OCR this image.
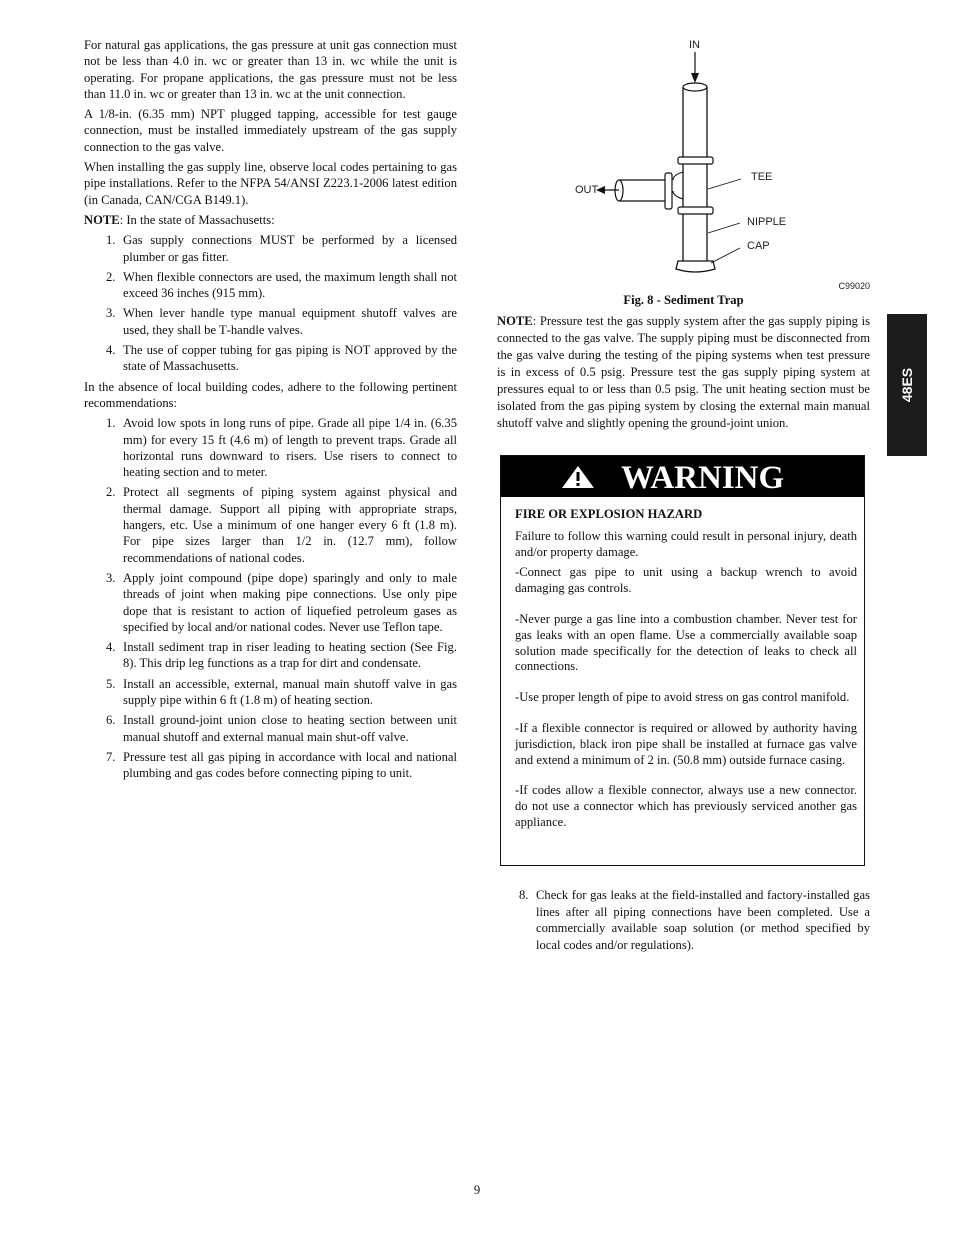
For natural gas applications, the gas pressure at unit gas connection must not be less than 4.0 in. wc or greater than 13 in. wc while the unit is operating. For propane applications, the gas pressure must not be less than 11.0 in. wc or greater than 13 in. wc at the unit connection.

A 1/8‑in. (6.35 mm) NPT plugged tapping, accessible for test gauge connection, must be installed immediately upstream of the gas supply connection to the gas valve.

When installing the gas supply line, observe local codes pertaining to gas pipe installations. Refer to the NFPA 54/ANSI Z223.1‑2006 latest edition (in Canada, CAN/CGA B149.1).

NOTE: In the state of Massachusetts:

1. Gas supply connections MUST be performed by a licensed plumber or gas fitter.
2. When flexible connectors are used, the maximum length shall not exceed 36 inches (915 mm).
3. When lever handle type manual equipment shutoff valves are used, they shall be T‑handle valves.
4. The use of copper tubing for gas piping is NOT approved by the state of Massachusetts.

In the absence of local building codes, adhere to the following pertinent recommendations:

1. Avoid low spots in long runs of pipe. Grade all pipe 1/4 in. (6.35 mm) for every 15 ft (4.6 m) of length to prevent traps. Grade all horizontal runs downward to risers. Use risers to connect to heating section and to meter.
2. Protect all segments of piping system against physical and thermal damage. Support all piping with appropriate straps, hangers, etc. Use a minimum of one hanger every 6 ft (1.8 m). For pipe sizes larger than 1/2 in. (12.7 mm), follow recommendations of national codes.
3. Apply joint compound (pipe dope) sparingly and only to male threads of joint when making pipe connections. Use only pipe dope that is resistant to action of liquefied petroleum gases as specified by local and/or national codes. Never use Teflon tape.
4. Install sediment trap in riser leading to heating section (See Fig. 8). This drip leg functions as a trap for dirt and condensate.
5. Install an accessible, external, manual main shutoff valve in gas supply pipe within 6 ft (1.8 m) of heating section.
6. Install ground‑joint union close to heating section between unit manual shutoff and external manual main shut‑off valve.
7. Pressure test all gas piping in accordance with local and national plumbing and gas codes before connecting piping to unit.
IN
OUT
TEE
NIPPLE
CAP
C99020
Fig. 8 ‑ Sediment Trap

NOTE: Pressure test the gas supply system after the gas supply piping is connected to the gas valve. The supply piping must be disconnected from the gas valve during the testing of the piping systems when test pressure is in excess of 0.5 psig. Pressure test the gas supply piping system at pressures equal to or less than 0.5 psig. The unit heating section must be isolated from the gas piping system by closing the external main manual shutoff valve and slightly opening the ground‑joint union.

48ES
WARNING
FIRE OR EXPLOSION HAZARD

Failure to follow this warning could result in personal injury, death and/or property damage.

‑Connect gas pipe to unit using a backup wrench to avoid damaging gas controls.

‑Never purge a gas line into a combustion chamber. Never test for gas leaks with an open flame. Use a commercially available soap solution made specifically for the detection of leaks to check all connections.

‑Use proper length of pipe to avoid stress on gas control manifold.

‑If a flexible connector is required or allowed by authority having jurisdiction, black iron pipe shall be installed at furnace gas valve and extend a minimum of 2 in. (50.8 mm) outside furnace casing.

‑If codes allow a flexible connector, always use a new connector. do not use a connector which has previously serviced another gas appliance.

8. Check for gas leaks at the field‑installed and factory‑installed gas lines after all piping connections have been completed. Use a commercially available soap solution (or method specified by local codes and/or regulations).
9
